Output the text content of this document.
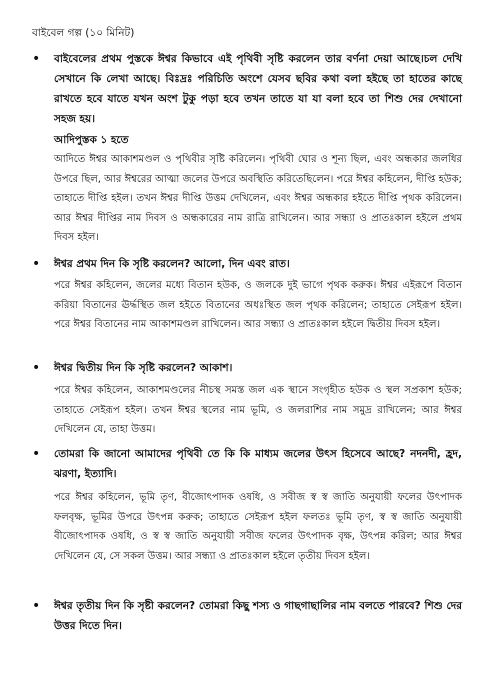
বাইবেল গল্প (১০ মিনিট)
• বাইবেলের প্রথম পুস্তকে ঈশ্বর কিভাবে এই পৃথিবী সৃষ্টি করলেন তার বর্ণনা দেয়া আছে।চল দেখি সেখানে কি লেখা আছে। বিঃদ্রঃ পরিচিতি অংশে যেসব ছবির কথা বলা হইছে তা হাতের কাছে রাখতে হবে যাতে যখন অংশ টুকু পড়া হবে তখন তাতে যা যা বলা হবে তা শিশু দের দেখানো সহজ হয়।
আদিপুস্তক ১ হতে
আদিতে ঈশ্বর আকাশমণ্ডল ও পৃথিবীর সৃষ্টি করিলেন। পৃথিবী ঘোর ও শূন্য ছিল, এবং অন্ধকার জলধির উপরে ছিল, আর ঈশ্বরের আত্মা জলের উপরে অবস্থিতি করিতেছিলেন। পরে ঈশ্বর কহিলেন, দীপ্তি হউক; তাহাতে দীপ্তি হইল। তখন ঈশ্বর দীপ্তি উত্তম দেখিলেন, এবং ঈশ্বর অন্ধকার হইতে দীপ্তি পৃথক করিলেন। আর ঈশ্বর দীপ্তির নাম দিবস ও অন্ধকারের নাম রাত্রি রাখিলেন। আর সন্ধ্যা ও প্রাতঃকাল হইলে প্রথম দিবস হইল।
• ঈশ্বর প্রথম দিন কি সৃষ্টি করলেন? আলো, দিন এবং রাত।
পরে ঈশ্বর কহিলেন, জলের মধ্যে বিতান হউক, ও জলকে দুই ভাগে পৃথক করুক। ঈশ্বর এইরূপে বিতান করিয়া বিতানের ঊর্দ্ধস্থিত জল হইতে বিতানের অধঃস্থিত জল পৃথক করিলেন; তাহাতে সেইরূপ হইল। পরে ঈশ্বর বিতানের নাম আকাশমণ্ডল রাখিলেন। আর সন্ধ্যা ও প্রাতঃকাল হইলে দ্বিতীয় দিবস হইল।
• ঈশ্বর দ্বিতীয় দিন কি সৃষ্টি করলেন? আকাশ।
পরে ঈশ্বর কহিলেন, আকাশমণ্ডলের নীচস্থ সমস্ত জল এক স্থানে সংগৃহীত হউক ও স্থল সপ্রকাশ হউক; তাহাতে সেইরূপ হইল। তখন ঈশ্বর স্থলের নাম ভূমি, ও জলরাশির নাম সমুদ্র রাখিলেন; আর ঈশ্বর দেখিলেন যে, তাহা উত্তম।
• তোমরা কি জানো আমাদের পৃথিবী তে কি কি মাধ্যম জলের উৎস হিসেবে আছে? নদনদী, হ্রদ, ঝরণা, ইত্যাদি।
পরে ঈশ্বর কহিলেন, ভূমি তৃণ, বীজোৎপাদক ওষধি, ও সবীজ স্ব স্ব জাতি অনুযায়ী ফলের উৎপাদক ফলবৃক্ষ, ভূমির উপরে উৎপন্ন করুক; তাহাতে সেইরূপ হইল ফলতঃ ভূমি তৃণ, স্ব স্ব জাতি অনুযায়ী বীজোৎপাদক ওষধি, ও স্ব স্ব জাতি অনুযায়ী সবীজ ফলের উৎপাদক বৃক্ষ, উৎপন্ন করিল; আর ঈশ্বর দেখিলেন যে, সে সকল উত্তম। আর সন্ধ্যা ও প্রাতঃকাল হইলে তৃতীয় দিবস হইল।
• ঈশ্বর তৃতীয় দিন কি সৃষ্টী করলেন? তোমরা কিছু শস্য ও গাছগাছালির নাম বলতে পারবে? শিশু দের উত্তর দিতে দিন।
